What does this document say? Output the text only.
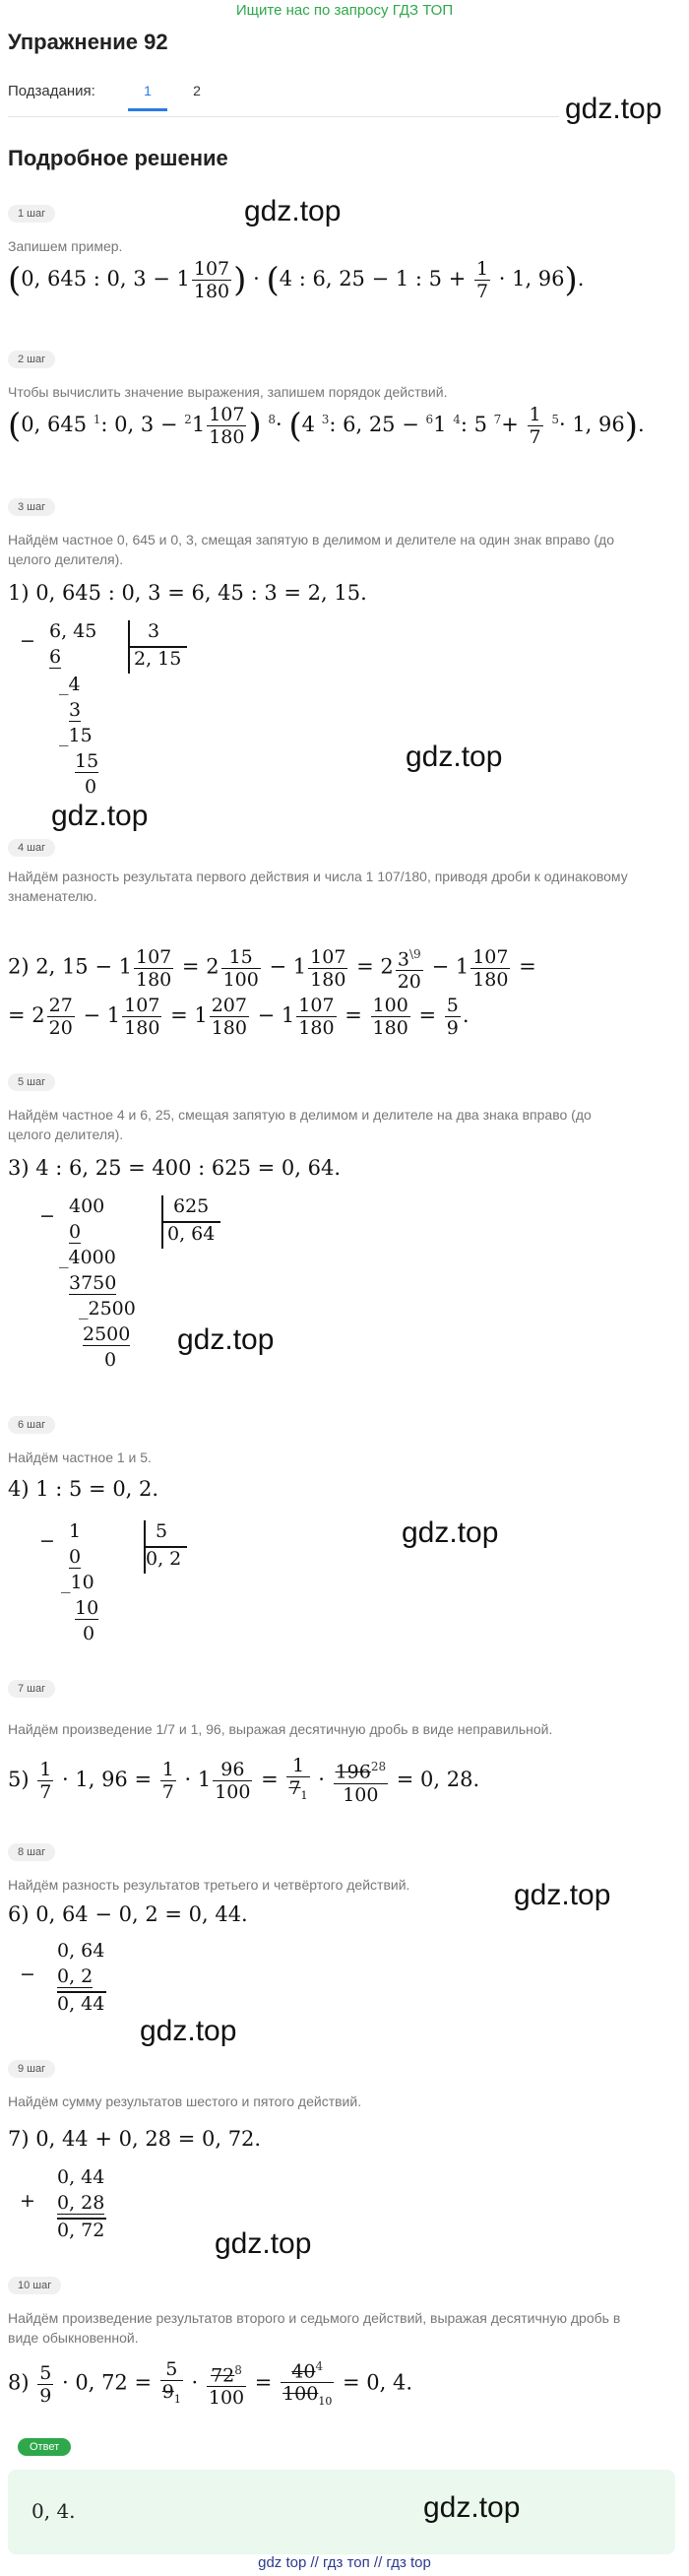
Ищите нас по запросу ГДЗ ТОП
Упражнение 92
Подзадания:	1	2
gdz.top
Подробное решение
gdz.top
1 шаг
Запишем пример.
(0, 645 : 0, $3 - 1 \frac{107}{180}$ ) · (4 : 6, 25 − 1 : $5 + \frac{1}{7} \cdot 1$, 96).
2 шаг
Чтобы вычислить значение выражения, запишем порядок действий.
(0, 645 $^1$: 0, $3 - ^21 \frac{107}{180}$ ) $^8$· (4 $^3$: 6, 25 − $^6$1 $^4$: 5 $^7+ \frac{1}{7} ^5\cdot 1$, 96).
3 шаг
Найдём частное 0, 645 и 0, 3, смещая запятую в делимом и делителе на один знак вправо (до целого делителя).
1) 0, 645 : 0, 3 = 6, 45 : 3 = 2, 15.
− 6, 45
6
_4
3
_15
15
0
3
2, 15
gdz.top
gdz.top
4 шаг
Найдём разность результата первого действия и числа 1 107/180, приводя дроби к одинаковому знаменателю.
2) 2, $15 - 1 \frac{107}{180} = 2 \frac{15}{100} - 1 \frac{107}{180} = 2 \frac{3^{\backslash 9}}{20} - 1 \frac{107}{180}$ =
= $2 \frac{27}{20} - 1 \frac{107}{180} = 1 \frac{207}{180} - 1 \frac{107}{180} = \frac{100}{180} = \frac{5}{9}$ .
5 шаг
Найдём частное 4 и 6, 25, смещая запятую в делимом и делителе на два знака вправо (до целого делителя).
3) 4 : 6, 25 = 400 : 625 = 0, 64.
− 400
0
_4000
3750
_2500
2500
0
625
0, 64
gdz.top
6 шаг
Найдём частное 1 и 5.
4) 1 : 5 = 0, 2.
− 1
0
_10
10
0
5
0, 2
gdz.top
7 шаг
Найдём произведение 1/7 и 1, 96, выражая десятичную дробь в виде неправильной.
$5) \frac{1}{7} \cdot 1$, $96 = \frac{1}{7} \cdot 1 \frac{96}{100} = \frac{1}{7_1} \cdot \frac{196^{28}}{100} = 0$, 28.
8 шаг
Найдём разность результатов третьего и четвёртого действий.	gdz.top
6) 0, 64 − 0, 2 = 0, 44.
−
0, 64
0, 2
0, 44
gdz.top
9 шаг
Найдём сумму результатов шестого и пятого действий.
7) 0, 44 + 0, 28 = 0, 72.
+
0, 44
0, 28
0, 72	gdz.top
10 шаг
Найдём произведение результатов второго и седьмого действий, выражая десятичную дробь в виде обыкновенной.
$8) \frac{5}{9} \cdot 0$, $72 = \frac{5}{9_1} \cdot \frac{72^8}{100} = \frac{40^4}{100_{10}} = 0$, 4.
Ответ
0, 4.	gdz.top
gdz top // гдз топ // гдз top
